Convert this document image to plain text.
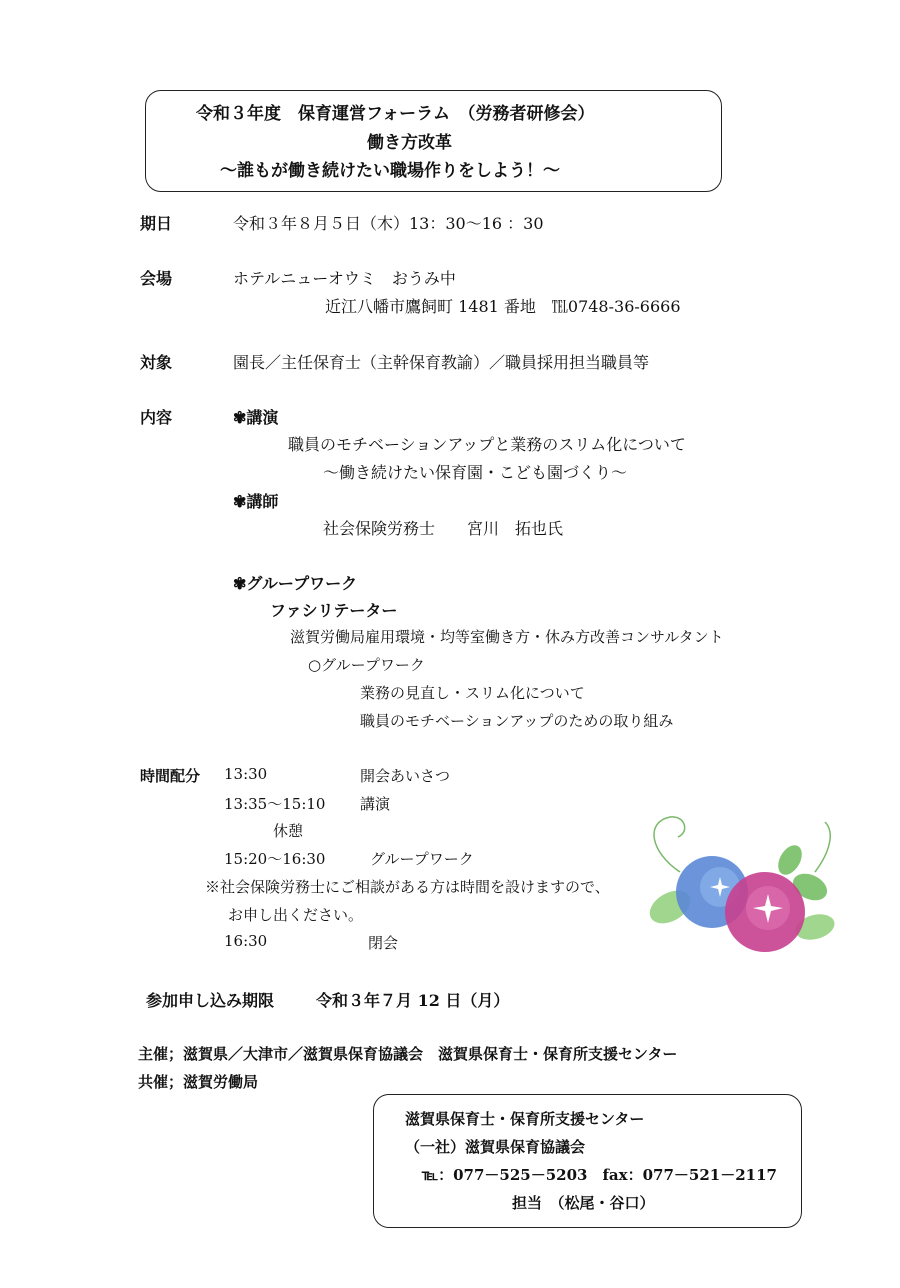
令和３年度　保育運営フォーラム　（労務者研修会）
働き方改革
～誰もが働き続けたい職場作りをしよう！～
期日	令和３年８月５日（木）13：30～16 ：30
会場	ホテルニューオウミ　おうみ中
近江八幡市鷹飼町 1481 番地　℡0748-36-6666
対象	園長／主任保育士（主幹保育教諭）／職員採用担当職員等
内容	✾講演
職員のモチベーションアップと業務のスリム化について
～働き続けたい保育園・こども園づくり～
✾講師
社会保険労務士　　宮川　拓也氏
✾グループワーク
ファシリテーター
滋賀労働局雇用環境・均等室働き方・休み方改善コンサルタント
○グループワーク
業務の見直し・スリム化について
職員のモチベーションアップのための取り組み
時間配分 13:30	開会あいさつ
13:35～15:10 講演
休憩
15:20～16:30	グループワーク
※社会保険労務士にご相談がある方は時間を設けますので、
お申し出ください。
16:30	閉会
参加申し込み期限	令和３年７月 12 日（月）
主催；滋賀県／大津市／滋賀県保育協議会　滋賀県保育士・保育所支援センター
共催；滋賀労働局
滋賀県保育士・保育所支援センター
（一社）滋賀県保育協議会
℡：077－525－5203　fax：077－521－2117
担当　（松尾・谷口）
